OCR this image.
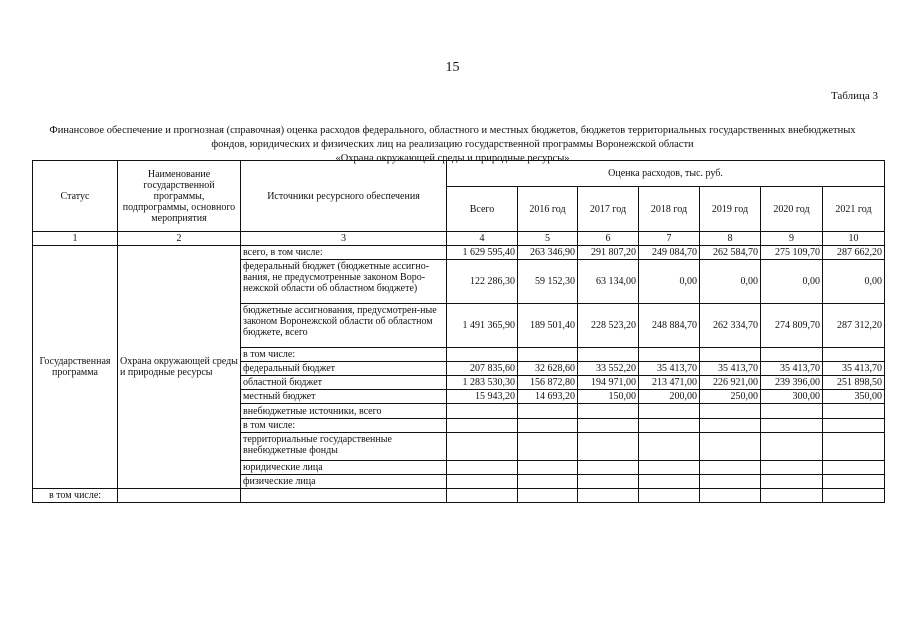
15
Таблица 3
Финансовое обеспечение и прогнозная (справочная) оценка расходов федерального, областного и местных бюджетов, бюджетов территориальных государственных внебюджетных
фондов, юридических и физических лиц на реализацию государственной программы Воронежской области
«Охрана окружающей среды и природные ресурсы»
Статус	Наименование государственной программы, подпрограммы, основного мероприятия	Источники ресурсного обеспечения	Оценка расходов, тыс. руб.						
			Всего	2016 год	2017 год	2018 год	2019 год	2020 год	2021 год
1	2	3	4	5	6	7	8	9	10
Государственная программа	Охрана окружающей среды и природные ресурсы	всего, в том числе:	1 629 595,40	263 346,90	291 807,20	249 084,70	262 584,70	275 109,70	287 662,20
		федеральный бюджет (бюджетные ассигно-вания, не предусмотренные законом Воро-нежской области об областном бюджете)	122 286,30	59 152,30	63 134,00	0,00	0,00	0,00	0,00
		бюджетные ассигнования, предусмотрен-ные законом Воронежской области об областном бюджете, всего	1 491 365,90	189 501,40	228 523,20	248 884,70	262 334,70	274 809,70	287 312,20
		в том числе:							
		федеральный бюджет	207 835,60	32 628,60	33 552,20	35 413,70	35 413,70	35 413,70	35 413,70
		областной бюджет	1 283 530,30	156 872,80	194 971,00	213 471,00	226 921,00	239 396,00	251 898,50
		местный бюджет	15 943,20	14 693,20	150,00	200,00	250,00	300,00	350,00
		внебюджетные источники, всего							
		в том числе:							
		территориальные государственные внебюджетные фонды							
		юридические лица							
		физические лица							
в том числе:									
